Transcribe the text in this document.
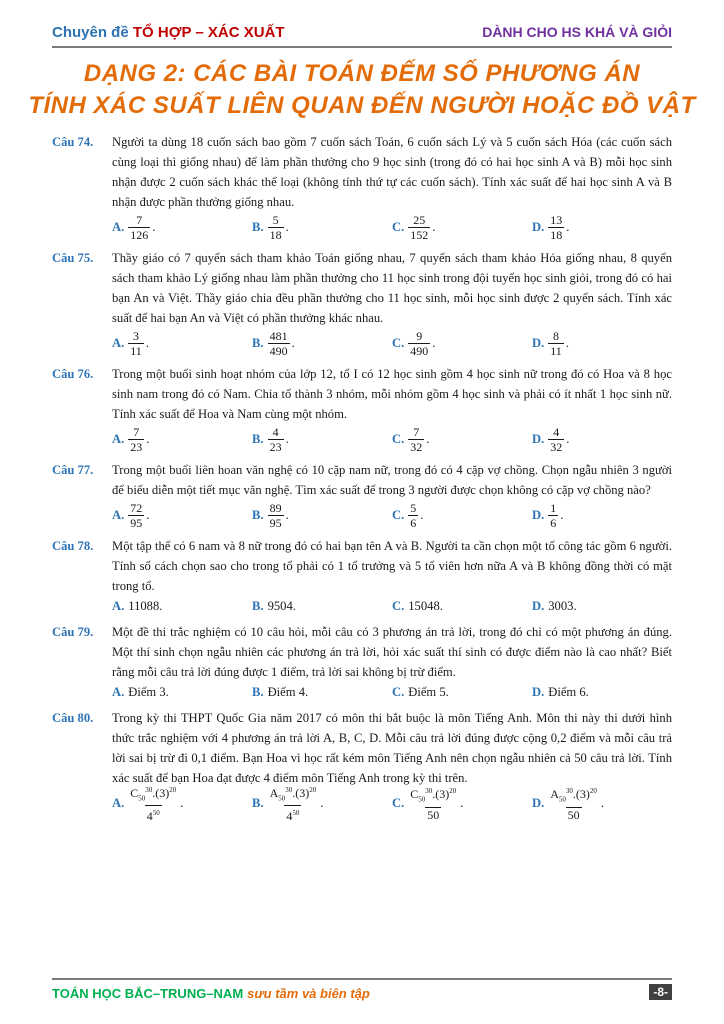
Chuyên đề TỔ HỢP – XÁC XUẤT	DÀNH CHO HS KHÁ VÀ GIỎI
DẠNG 2: CÁC BÀI TOÁN ĐẾM SỐ PHƯƠNG ÁN
TÍNH XÁC SUẤT LIÊN QUAN ĐẾN NGƯỜI HOẶC ĐỒ VẬT
Câu 74. Người ta dùng 18 cuốn sách bao gồm 7 cuốn sách Toán, 6 cuốn sách Lý và 5 cuốn sách Hóa (các cuốn sách cùng loại thì giống nhau) để làm phần thưởng cho 9 học sinh (trong đó có hai học sinh A và B) mỗi học sinh nhận được 2 cuốn sách khác thể loại (không tính thứ tự các cuốn sách). Tính xác suất để hai học sinh A và B nhận được phần thưởng giống nhau.
A. $\frac{7}{126}$ .	B. $\frac{5}{18}$ .	C. $\frac{25}{152}$ .	D. $\frac{13}{18}$ .
Câu 75. Thầy giáo có 7 quyển sách tham khảo Toán giống nhau, 7 quyển sách tham khảo Hóa giống nhau, 8 quyển sách tham khảo Lý giống nhau làm phần thưởng cho 11 học sinh trong đội tuyển học sinh giỏi, trong đó có hai bạn An và Việt. Thầy giáo chia đều phần thưởng cho 11 học sinh, mỗi học sinh được 2 quyển sách. Tính xác suất để hai bạn An và Việt có phần thưởng khác nhau.
A. $\frac{3}{11}$ .	B. $\frac{481}{490}$ .	C. $\frac{9}{490}$ .	D. $\frac{8}{11}$ .
Câu 76. Trong một buổi sinh hoạt nhóm của lớp 12, tổ I có 12 học sinh gồm 4 học sinh nữ trong đó có Hoa và 8 học sinh nam trong đó có Nam. Chia tổ thành 3 nhóm, mỗi nhóm gồm 4 học sinh và phải có ít nhất 1 học sinh nữ. Tính xác suất để Hoa và Nam cùng một nhóm.
A. $\frac{7}{23}$ .	B. $\frac{4}{23}$ .	C. $\frac{7}{32}$ .	D. $\frac{4}{32}$ .
Câu 77. Trong một buổi liên hoan văn nghệ có 10 cặp nam nữ, trong đó có 4 cặp vợ chồng. Chọn ngẫu nhiên 3 người để biểu diễn một tiết mục văn nghệ. Tìm xác suất để trong 3 người được chọn không có cặp vợ chồng nào?
A. $\frac{72}{95}$ .	B. $\frac{89}{95}$ .	C. $\frac{5}{6}$ .	D. $\frac{1}{6}$ .
Câu 78. Một tập thể có 6 nam và 8 nữ trong đó có hai bạn tên A và B. Người ta cần chọn một tổ công tác gồm 6 người. Tính số cách chọn sao cho trong tổ phải có 1 tổ trưởng và 5 tổ viên hơn nữa A và B không đồng thời có mặt trong tổ.
A. 11088.	B. 9504.	C. 15048.	D. 3003.
Câu 79. Một đề thi trắc nghiệm có 10 câu hỏi, mỗi câu có 3 phương án trả lời, trong đó chỉ có một phương án đúng. Một thí sinh chọn ngẫu nhiên các phương án trả lời, hỏi xác suất thí sinh có được điểm nào là cao nhất? Biết rằng mỗi câu trả lời đúng được 1 điểm, trả lời sai không bị trừ điểm.
A. Điểm 3.	B. Điểm 4.	C. Điểm 5.	D. Điểm 6.
Câu 80. Trong kỳ thi THPT Quốc Gia năm 2017 có môn thi bắt buộc là môn Tiếng Anh. Môn thi này thi dưới hình thức trắc nghiệm với 4 phương án trả lời A, B, C, D. Mỗi câu trả lời đúng được cộng 0,2 điểm và mỗi câu trả lời sai bị trừ đi 0,1 điểm. Bạn Hoa vì học rất kém môn Tiếng Anh nên chọn ngẫu nhiên cả 50 câu trả lời. Tính xác suất để bạn Hoa đạt được 4 điểm môn Tiếng Anh trong kỳ thi trên.
A. $\frac{C_{50}^{30}.(3)^{20}}{4^{50}}$ .	B. $\frac{A_{50}^{30}.(3)^{20}}{4^{50}}$ .	C. $\frac{C_{50}^{30}.(3)^{20}}{50}$ .	D. $\frac{A_{50}^{30}.(3)^{20}}{50}$ .
TOÁN HỌC BẮC–TRUNG–NAM sưu tầm và biên tập	-8-
